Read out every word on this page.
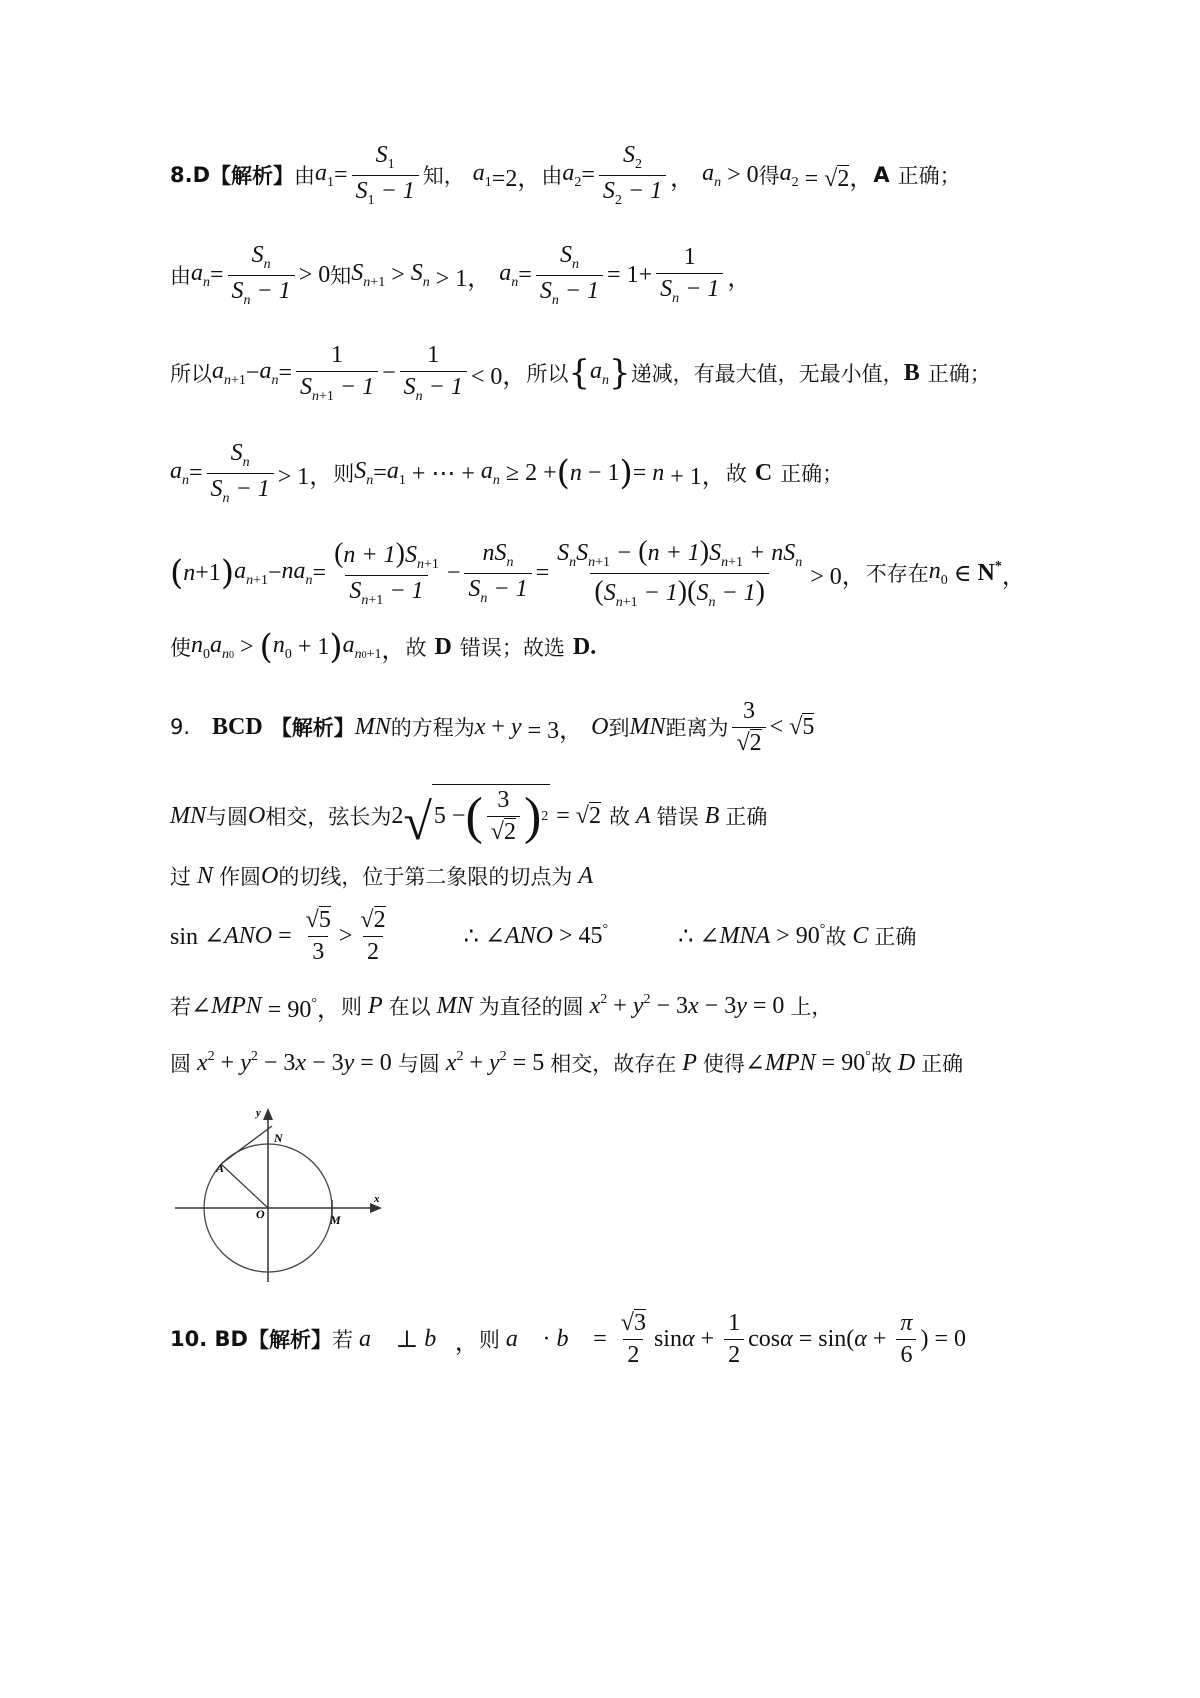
8.D 【解析】 由 $a_1 = \frac{S_1}{S_1 - 1}$ 知， $a_1 =2$， 由 $a_2 = \frac{S_2}{S_2 - 1}$ ， $a_n > 0$ 得 $a_2 = √2$， A 正确；
由 $a_n = \frac{S_n}{S_n - 1} > 0$ 知 $S_{n+1} > S_n > 1$， $a_n = \frac{S_n}{S_n - 1} = 1+ \frac{1}{S_n - 1}$ ，
所以 $a_{n+1} - a_n = \frac{1}{S_{n+1} - 1} - \frac{1}{S_n - 1} < 0$， 所以 { $a_n$ } 递减，有最大值，无最小值， B 正确；
$a_n = \frac{S_n}{S_n - 1} > 1$， 则 $S_n = a_1$ + ⋯ + $a_n \ge 2$ + ( n − 1 ) = n + 1， 故 C 正确；
( n +1 ) $a_{n+1} - na_n = \frac{(n + 1)S_{n+1}}{S_{n+1} - 1} - \frac{nS_n}{S_n - 1} = \frac{S_nS_{n+1} - (n + 1)S_{n+1} + nS_n}{(S_{n+1} - 1)(S_n - 1)} > 0$， 不存在 $n_0$ ∈ N* ，
使 $n_0a_{n0}$ > ( $n_0 + 1$ ) $a_{n0+1}$ ， 故 D 错误；故选 D.
9. BCD 【解析】 MN 的方程为 x + y = 3， O 到 MN 距离为 $\frac{3}{√2} < √5$
MN 与圆 O 相交，弦长为 2 √ 5 − ( $\frac{3}{√2}$ ) 2 = √2 故 A 错误 B 正确
过 N 作圆 O 的切线，位于第二象限的切点为 A
sin ∠ ANO = $\frac{√5}{3} > \frac{√2}{2}$	∴ ∠ ANO > 45°	∴ ∠ MNA > 90° 故 C 正确
若 ∠ MPN = 90°， 则 P 在以 MN 为直径的圆 $x^2 + y^2 - 3$ x − 3 y = 0 上，
圆 $x^2 + y^2 - 3$ x − 3 y = 0 与圆 $x^2 + y^2 = 5$ 相交，故存在 P 使得 ∠ MPN = 90° 故 D 正确
y
x
N
A
O	M
10. BD 【解析】 若 a⃗ ⊥ b⃗ ， 则 a⃗ · b⃗ = $\frac{√3}{2}$ $\sin \alpha + \frac{1}{2}$ cos α = sin( $\alpha + \frac{\pi}{6}$ ) = 0
